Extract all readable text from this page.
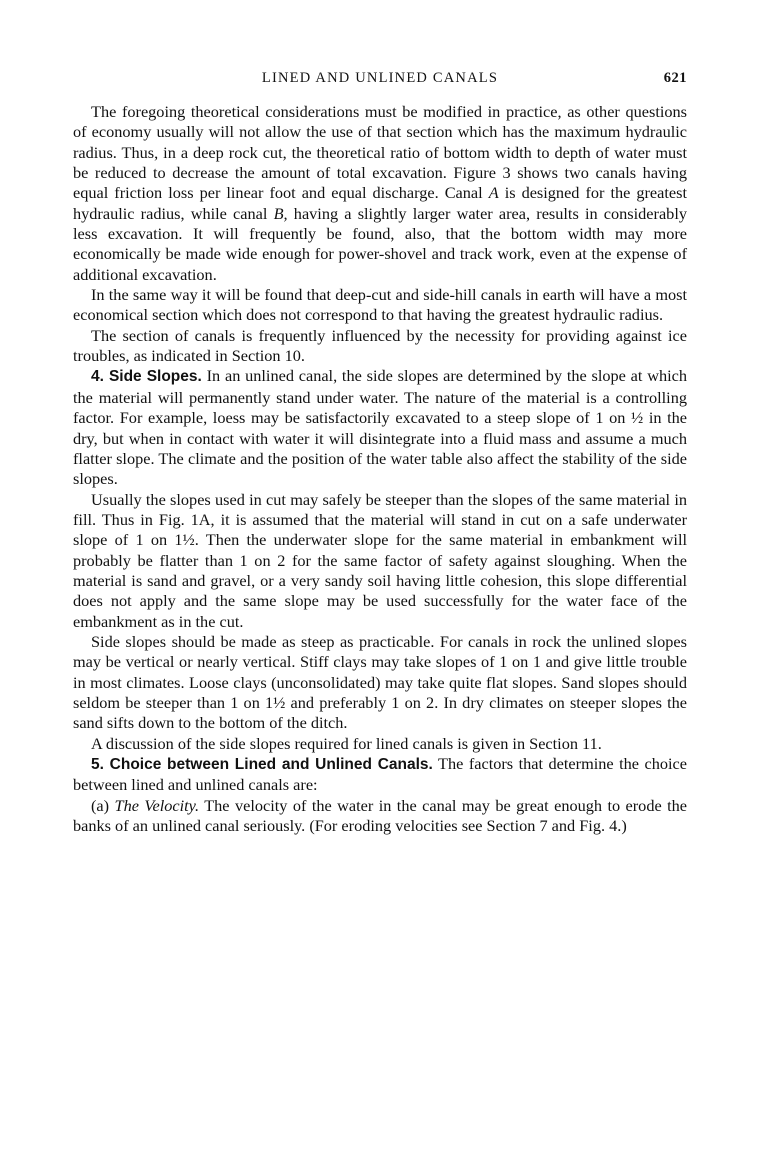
LINED AND UNLINED CANALS	621

The foregoing theoretical considerations must be modified in practice, as other questions of economy usually will not allow the use of that section which has the maximum hydraulic radius. Thus, in a deep rock cut, the theoretical ratio of bottom width to depth of water must be reduced to decrease the amount of total excavation. Figure 3 shows two canals having equal friction loss per linear foot and equal discharge. Canal A is designed for the greatest hydraulic radius, while canal B, having a slightly larger water area, results in considerably less excavation. It will frequently be found, also, that the bottom width may more economically be made wide enough for power-shovel and track work, even at the expense of additional excavation.

In the same way it will be found that deep-cut and side-hill canals in earth will have a most economical section which does not correspond to that having the greatest hydraulic radius.

The section of canals is frequently influenced by the necessity for providing against ice troubles, as indicated in Section 10.

4. Side Slopes. In an unlined canal, the side slopes are determined by the slope at which the material will permanently stand under water. The nature of the material is a controlling factor. For example, loess may be satisfactorily excavated to a steep slope of 1 on ½ in the dry, but when in contact with water it will disintegrate into a fluid mass and assume a much flatter slope. The climate and the position of the water table also affect the stability of the side slopes.

Usually the slopes used in cut may safely be steeper than the slopes of the same material in fill. Thus in Fig. 1A, it is assumed that the material will stand in cut on a safe underwater slope of 1 on 1½. Then the underwater slope for the same material in embankment will probably be flatter than 1 on 2 for the same factor of safety against sloughing. When the material is sand and gravel, or a very sandy soil having little cohesion, this slope differential does not apply and the same slope may be used successfully for the water face of the embankment as in the cut.

Side slopes should be made as steep as practicable. For canals in rock the unlined slopes may be vertical or nearly vertical. Stiff clays may take slopes of 1 on 1 and give little trouble in most climates. Loose clays (unconsolidated) may take quite flat slopes. Sand slopes should seldom be steeper than 1 on 1½ and preferably 1 on 2. In dry climates on steeper slopes the sand sifts down to the bottom of the ditch.

A discussion of the side slopes required for lined canals is given in Section 11.

5. Choice between Lined and Unlined Canals. The factors that determine the choice between lined and unlined canals are:

(a) The Velocity. The velocity of the water in the canal may be great enough to erode the banks of an unlined canal seriously. (For eroding velocities see Section 7 and Fig. 4.)
